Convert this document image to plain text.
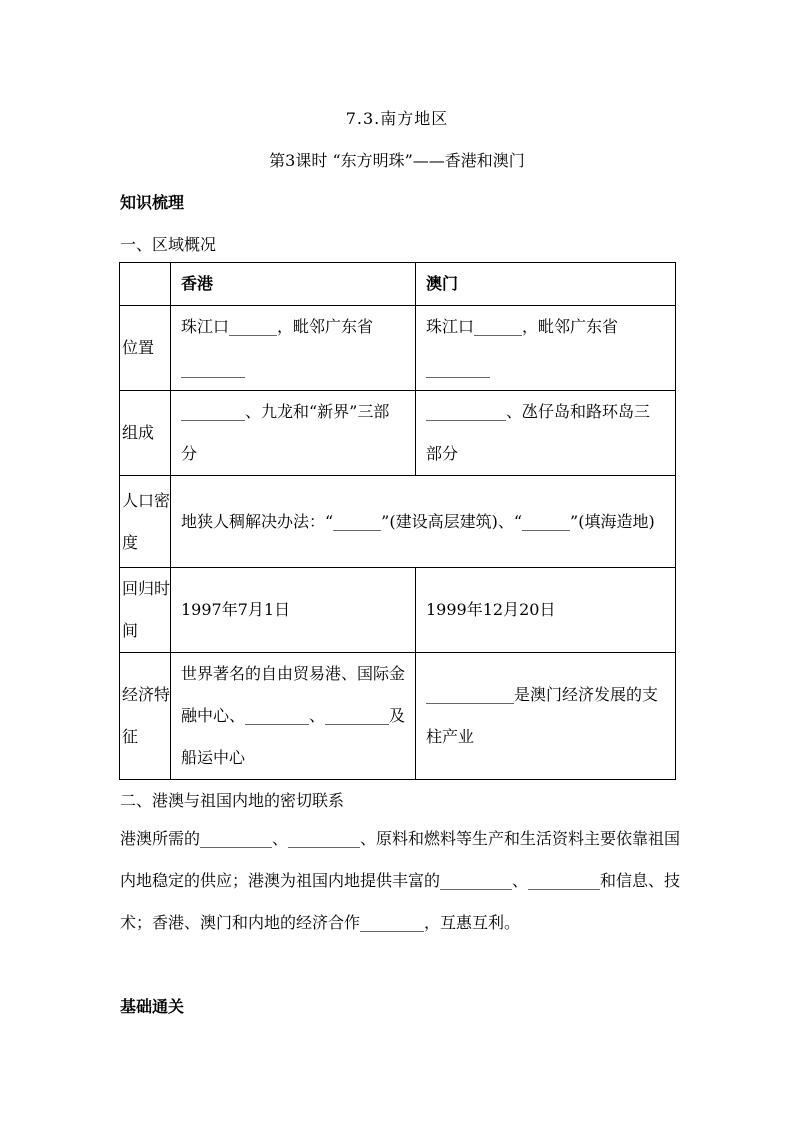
7.3.南方地区
第3课时 “东方明珠”——香港和澳门
知识梳理
一、区域概况
	香港	澳门
位置	珠江口______，毗邻广东省________	珠江口______，毗邻广东省________
组成	________、九龙和“新界”三部分	__________、氹仔岛和路环岛三部分
人口密度	地狭人稠解决办法：“______”(建设高层建筑)、“______”(填海造地)	
回归时间	1997年7月1日	1999年12月20日
经济特征	世界著名的自由贸易港、国际金融中心、________、________及船运中心	___________是澳门经济发展的支柱产业
二、港澳与祖国内地的密切联系
港澳所需的_________、_________、原料和燃料等生产和生活资料主要依靠祖国内地稳定的供应；港澳为祖国内地提供丰富的_________、_________和信息、技术；香港、澳门和内地的经济合作________，互惠互利。
基础通关
